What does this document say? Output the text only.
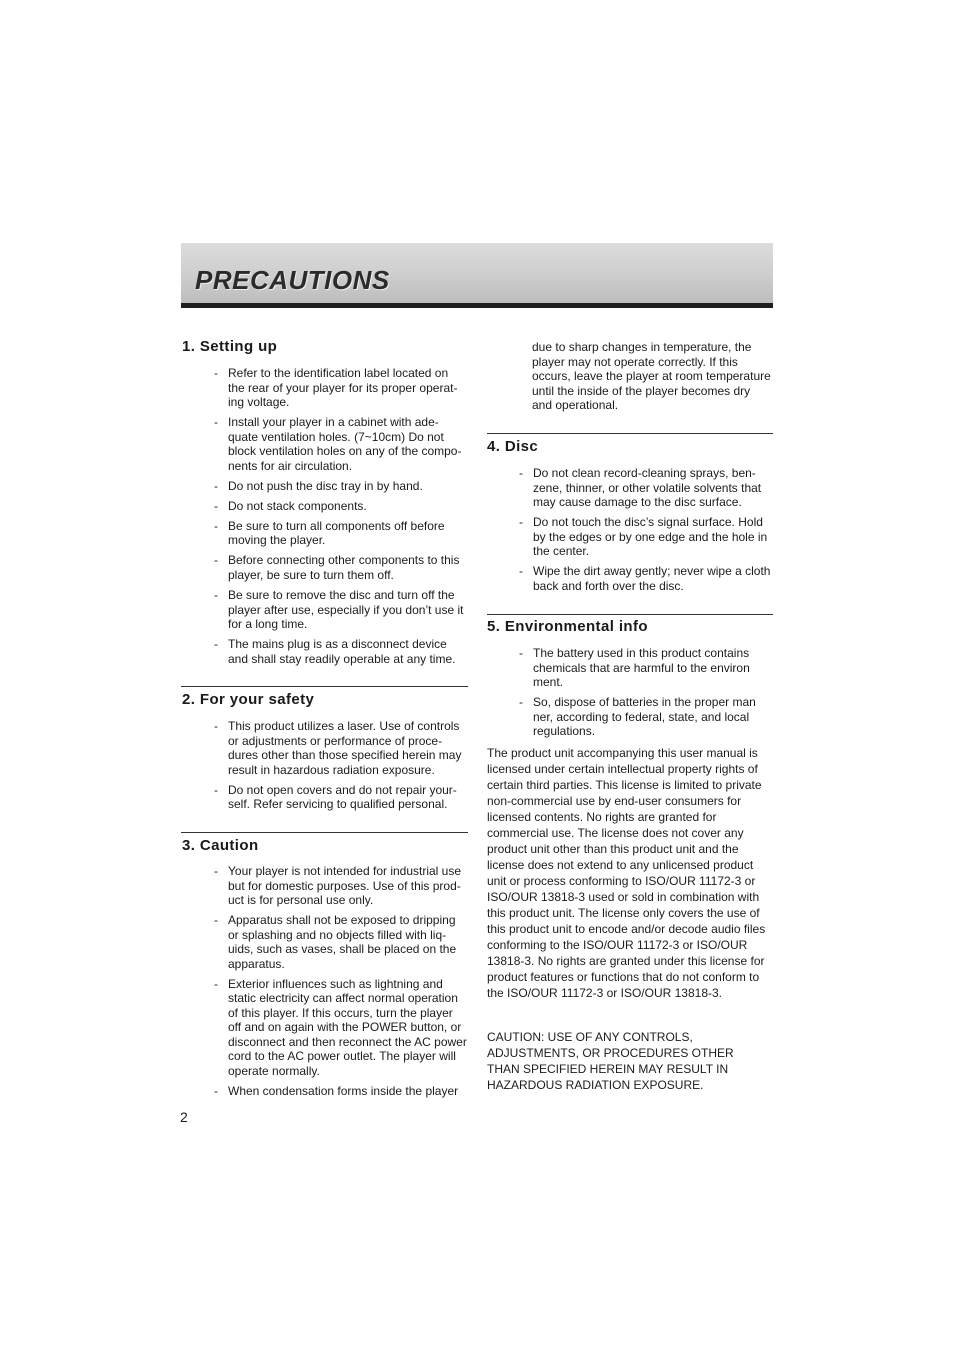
PRECAUTIONS
1. Setting up
- Refer to the identification label located on the rear of your player for its proper operat-ing voltage.
- Install your player in a cabinet with ade-quate ventilation holes. (7~10cm) Do not block ventilation holes on any of the compo-nents for air circulation.
- Do not push the disc tray in by hand.
- Do not stack components.
- Be sure to turn all components off before moving the player.
- Before connecting other components to this player, be sure to turn them off.
- Be sure to remove the disc and turn off the player after use, especially if you don’t use it for a long time.
- The mains plug is as a disconnect device and shall stay readily operable at any time.
2. For your safety
- This product utilizes a laser. Use of controls or adjustments or performance of proce-dures other than those specified herein may result in hazardous radiation exposure.
- Do not open covers and do not repair your-self. Refer servicing to qualified personal.
3. Caution
- Your player is not intended for industrial use but for domestic purposes. Use of this prod-uct is for personal use only.
- Apparatus shall not be exposed to dripping or splashing and no objects filled with liq-uids, such as vases, shall be placed on the apparatus.
- Exterior influences such as lightning and static electricity can affect normal operation of this player. If this occurs, turn the player off and on again with the POWER button, or disconnect and then reconnect the AC power cord to the AC power outlet. The player will operate normally.
- When condensation forms inside the player
2

due to sharp changes in temperature, the player may not operate correctly. If this occurs, leave the player at room temperature until the inside of the player becomes dry and operational.

4. Disc
- Do not clean record-cleaning sprays, ben-zene, thinner, or other volatile solvents that may cause damage to the disc surface.
- Do not touch the disc’s signal surface. Hold by the edges or by one edge and the hole in the center.
- Wipe the dirt away gently; never wipe a cloth back and forth over the disc.
5. Environmental info
- The battery used in this product contains chemicals that are harmful to the environ ment.
- So, dispose of batteries in the proper man ner, according to federal, state, and local regulations.

The product unit accompanying this user manual is licensed under certain intellectual property rights of certain third parties. This license is limited to private non-commercial use by end-user consumers for licensed contents. No rights are granted for commercial use. The license does not cover any product unit other than this product unit and the license does not extend to any unlicensed product unit or process conforming to ISO/OUR 11172-3 or ISO/OUR 13818-3 used or sold in combination with this product unit. The license only covers the use of this product unit to encode and/or decode audio files conforming to the ISO/OUR 11172-3 or ISO/OUR 13818-3. No rights are granted under this license for product features or functions that do not conform to the ISO/OUR 11172-3 or ISO/OUR 13818-3.

CAUTION: USE OF ANY CONTROLS, ADJUSTMENTS, OR PROCEDURES OTHER THAN SPECIFIED HEREIN MAY RESULT IN HAZARDOUS RADIATION EXPOSURE.
